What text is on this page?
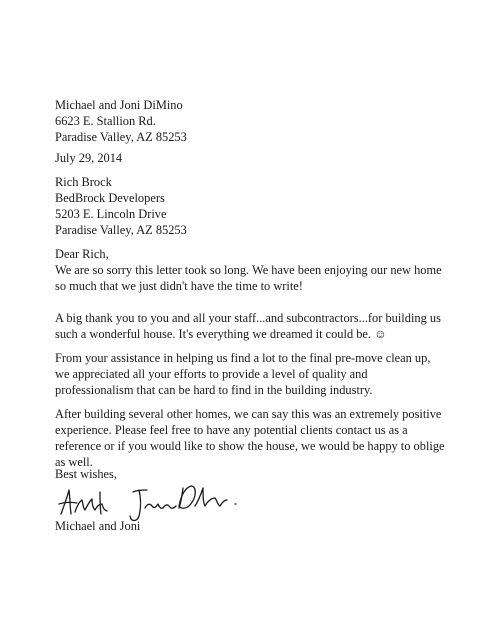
Michael and Joni DiMino
6623 E. Stallion Rd.
Paradise Valley, AZ 85253
July 29, 2014
Rich Brock
BedBrock Developers
5203 E. Lincoln Drive
Paradise Valley, AZ 85253
Dear Rich,
We are so sorry this letter took so long. We have been enjoying our new home
so much that we just didn't have the time to write!
A big thank you to you and all your staff...and subcontractors...for building us
such a wonderful house. It's everything we dreamed it could be. ☺
From your assistance in helping us find a lot to the final pre-move clean up,
we appreciated all your efforts to provide a level of quality and
professionalism that can be hard to find in the building industry.
After building several other homes, we can say this was an extremely positive
experience. Please feel free to have any potential clients contact us as a
reference or if you would like to show the house, we would be happy to oblige
as well.
Best wishes,
Michael and Joni
